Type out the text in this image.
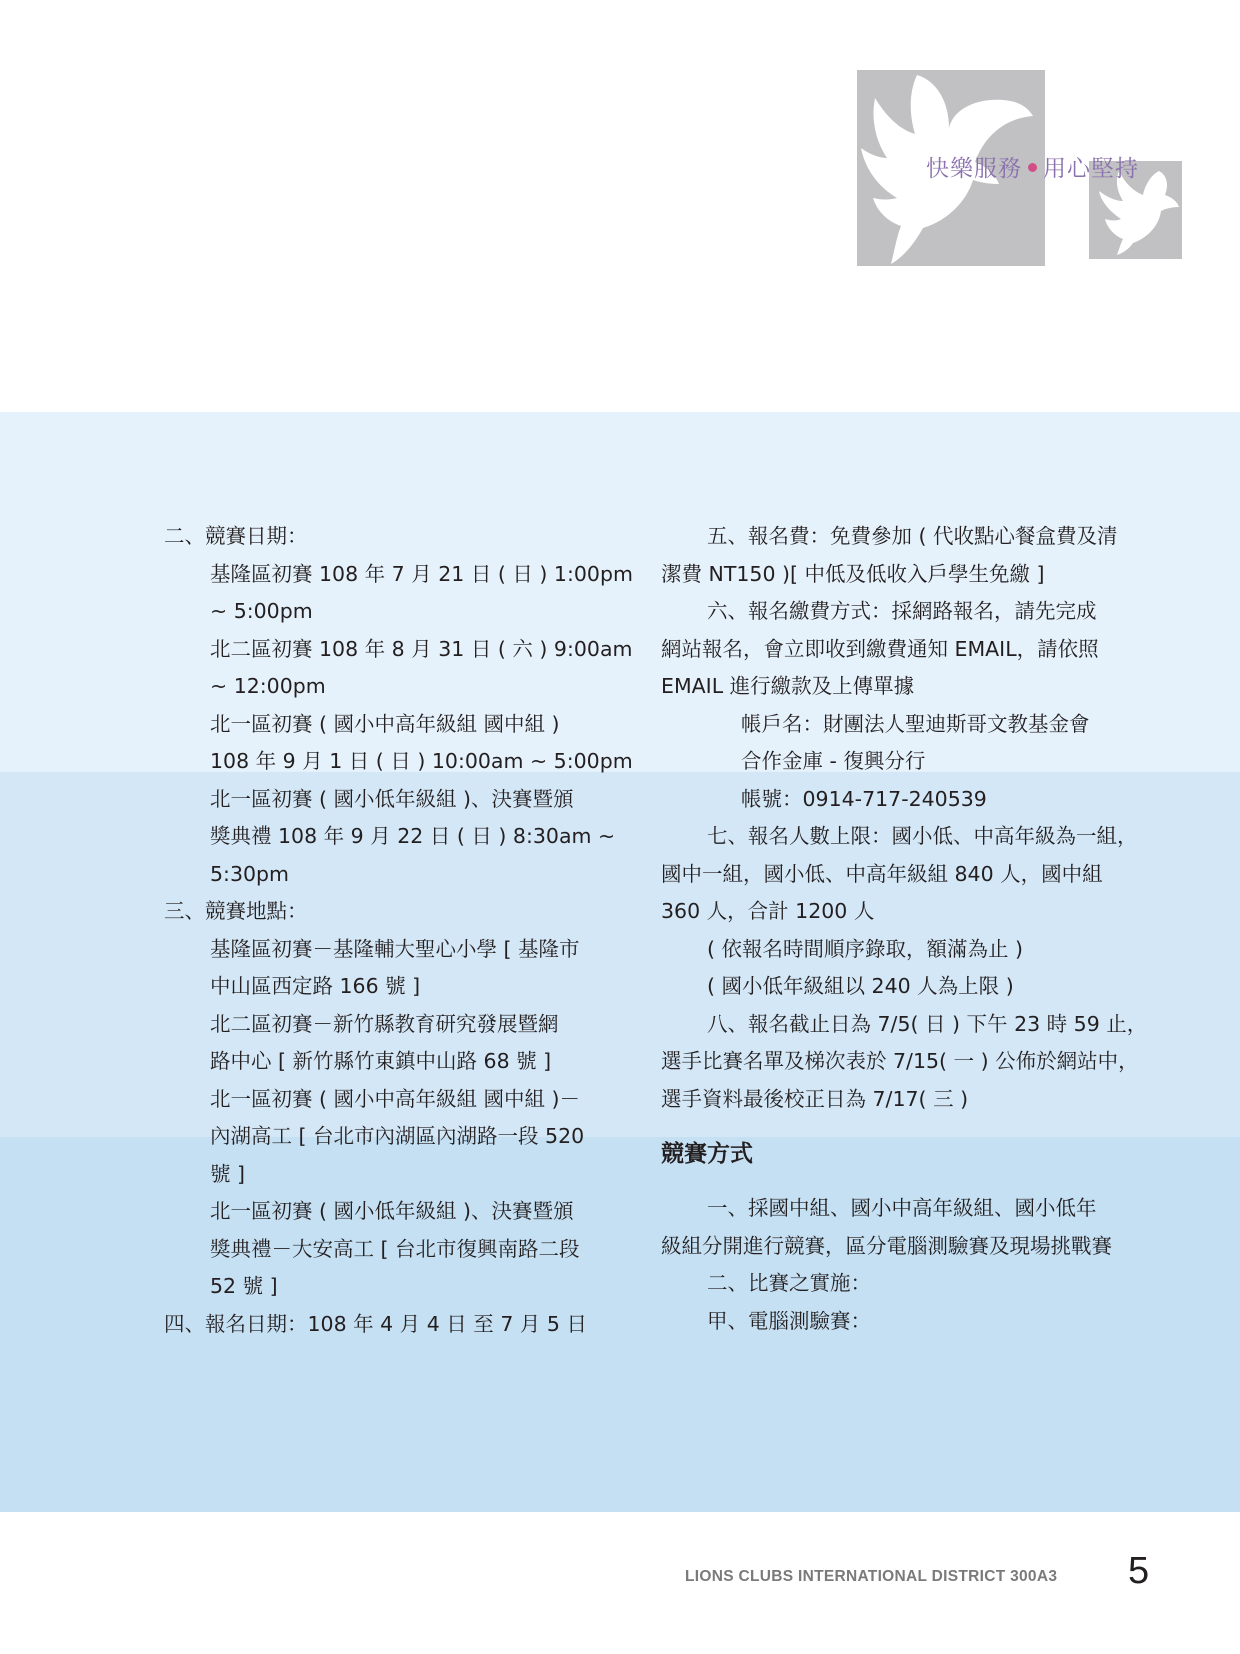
快樂服務 用心堅持
二、競賽日期：
基隆區初賽 108 年 7 月 21 日 ( 日 ) 1:00pm
~ 5:00pm
北二區初賽 108 年 8 月 31 日 ( 六 ) 9:00am
~ 12:00pm
北一區初賽 ( 國小中高年級組 國中組 )
108 年 9 月 1 日 ( 日 ) 10:00am ~ 5:00pm
北一區初賽 ( 國小低年級組 )、決賽暨頒
獎典禮 108 年 9 月 22 日 ( 日 ) 8:30am ~
5:30pm
三、競賽地點：
基隆區初賽－基隆輔大聖心小學 [ 基隆市
中山區西定路 166 號 ]
北二區初賽－新竹縣教育研究發展暨網
路中心 [ 新竹縣竹東鎮中山路 68 號 ]
北一區初賽 ( 國小中高年級組 國中組 )－
內湖高工 [ 台北市內湖區內湖路一段 520
號 ]
北一區初賽 ( 國小低年級組 )、決賽暨頒
獎典禮－大安高工 [ 台北市復興南路二段
52 號 ]
四、報名日期：108 年 4 月 4 日 至 7 月 5 日
五、報名費：免費參加 ( 代收點心餐盒費及清
潔費 NT150 )[ 中低及低收入戶學生免繳 ]
六、報名繳費方式：採網路報名，請先完成
網站報名，會立即收到繳費通知 EMAIL，請依照
EMAIL 進行繳款及上傳單據
帳戶名：財團法人聖迪斯哥文教基金會
合作金庫 - 復興分行
帳號：0914-717-240539
七、報名人數上限：國小低、中高年級為一組，
國中一組，國小低、中高年級組 840 人，國中組
360 人，合計 1200 人
( 依報名時間順序錄取，額滿為止 )
( 國小低年級組以 240 人為上限 )
八、報名截止日為 7/5( 日 ) 下午 23 時 59 止，
選手比賽名單及梯次表於 7/15( 一 ) 公佈於網站中，
選手資料最後校正日為 7/17( 三 )
競賽方式
一、採國中組、國小中高年級組、國小低年
級組分開進行競賽，區分電腦測驗賽及現場挑戰賽
二、比賽之實施：
甲、電腦測驗賽：
LIONS CLUBS INTERNATIONAL DISTRICT 300A3 5
